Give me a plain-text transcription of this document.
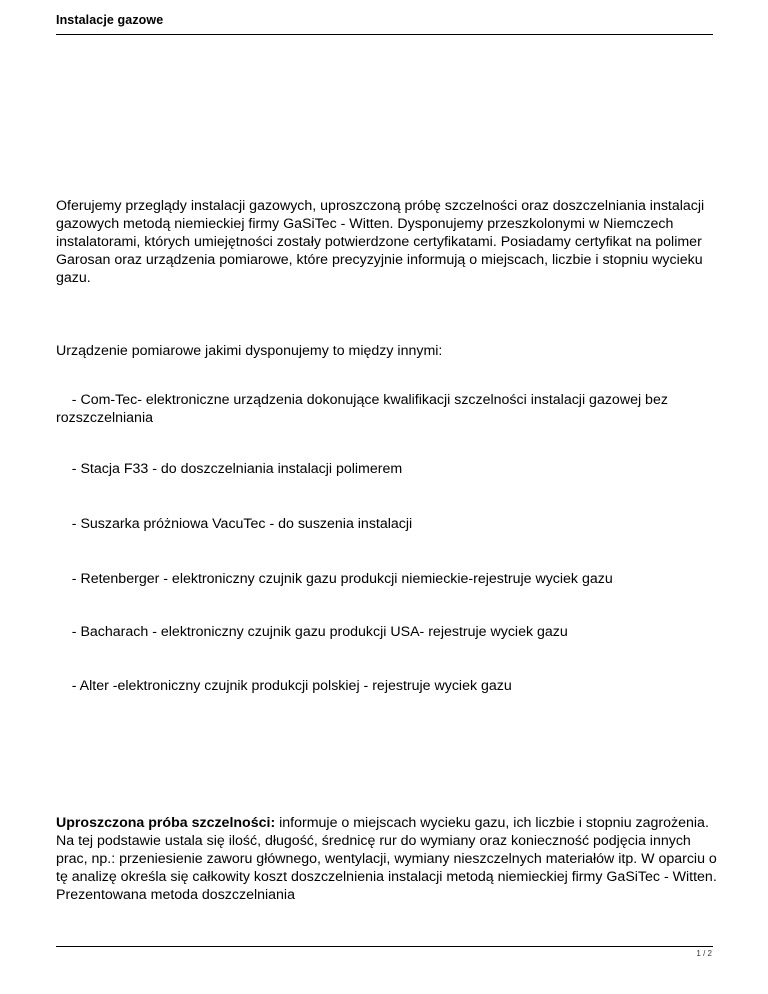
Instalacje gazowe

Oferujemy przeglądy instalacji gazowych, uproszczoną próbę szczelności oraz doszczelniania instalacji gazowych metodą niemieckiej firmy GaSiTec - Witten. Dysponujemy przeszkolonymi w Niemczech instalatorami, których umiejętności zostały potwierdzone certyfikatami. Posiadamy certyfikat na polimer Garosan oraz urządzenia pomiarowe, które precyzyjnie informują o miejscach, liczbie i stopniu wycieku gazu.

Urządzenie pomiarowe jakimi dysponujemy to między innymi:

- Com-Tec- elektroniczne urządzenia dokonujące kwalifikacji szczelności instalacji gazowej bez rozszczelniania

- Stacja F33 - do doszczelniania instalacji polimerem

- Suszarka próżniowa VacuTec - do suszenia instalacji

- Retenberger - elektroniczny czujnik gazu produkcji niemieckie-rejestruje wyciek gazu

- Bacharach - elektroniczny czujnik gazu produkcji USA- rejestruje wyciek gazu

- Alter -elektroniczny czujnik produkcji polskiej - rejestruje wyciek gazu

Uproszczona próba szczelności: informuje o miejscach wycieku gazu, ich liczbie i stopniu zagrożenia. Na tej podstawie ustala się ilość, długość, średnicę rur do wymiany oraz konieczność podjęcia innych prac, np.: przeniesienie zaworu głównego, wentylacji, wymiany nieszczelnych materiałów itp. W oparciu o tę analizę określa się całkowity koszt doszczelnienia instalacji metodą niemieckiej firmy GaSiTec - Witten. Prezentowana metoda doszczelniania

1 / 2
